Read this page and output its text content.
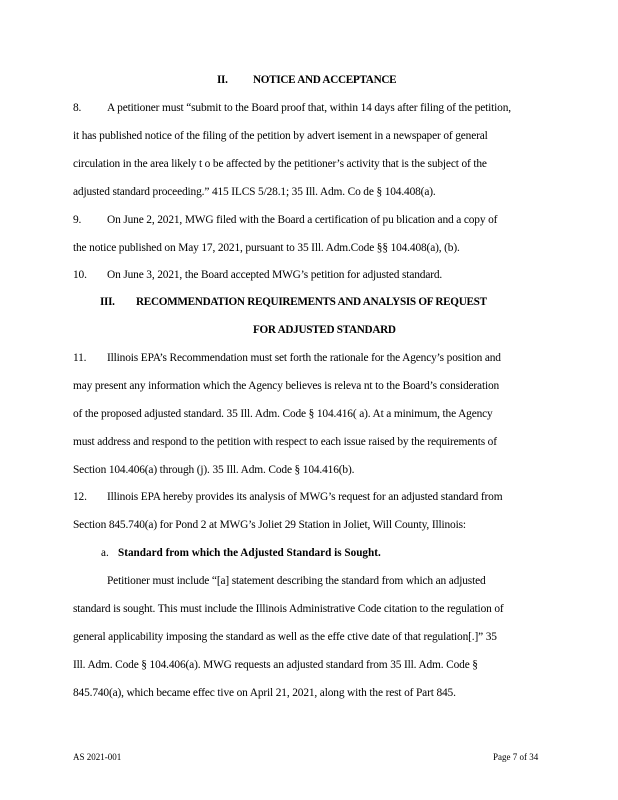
II. NOTICE AND ACCEPTANCE
8. A petitioner must “submit to the Board proof that, within 14 days after filing of the petition,
it has published notice of the filing of the petition by advert isement in a newspaper of general
circulation in the area likely t o be affected by the petitioner’s activity that is the subject of the
adjusted standard proceeding.” 415 ILCS 5/28.1; 35 Ill. Adm. Co de § 104.408(a).
9. On June 2, 2021, MWG filed with the Board a certification of pu blication and a copy of
the notice published on May 17, 2021, pursuant to 35 Ill. Adm.Code §§ 104.408(a), (b).
10. On June 3, 2021, the Board accepted MWG’s petition for adjusted standard.
III. RECOMMENDATION REQUIREMENTS AND ANALYSIS OF REQUEST
FOR ADJUSTED STANDARD
11. Illinois EPA’s Recommendation must set forth the rationale for the Agency’s position and
may present any information which the Agency believes is releva nt to the Board’s consideration
of the proposed adjusted standard. 35 Ill. Adm. Code § 104.416( a). At a minimum, the Agency
must address and respond to the petition with respect to each issue raised by the requirements of
Section 104.406(a) through (j). 35 Ill. Adm. Code § 104.416(b).
12. Illinois EPA hereby provides its analysis of MWG’s request for an adjusted standard from
Section 845.740(a) for Pond 2 at MWG’s Joliet 29 Station in Joliet, Will County, Illinois:
a. Standard from which the Adjusted Standard is Sought.
Petitioner must include “[a] statement describing the standard from which an adjusted
standard is sought. This must include the Illinois Administrative Code citation to the regulation of
general applicability imposing the standard as well as the effe ctive date of that regulation[.]” 35
Ill. Adm. Code § 104.406(a). MWG requests an adjusted standard from 35 Ill. Adm. Code §
845.740(a), which became effec tive on April 21, 2021, along with the rest of Part 845.
AS 2021-001	Page 7 of 34
